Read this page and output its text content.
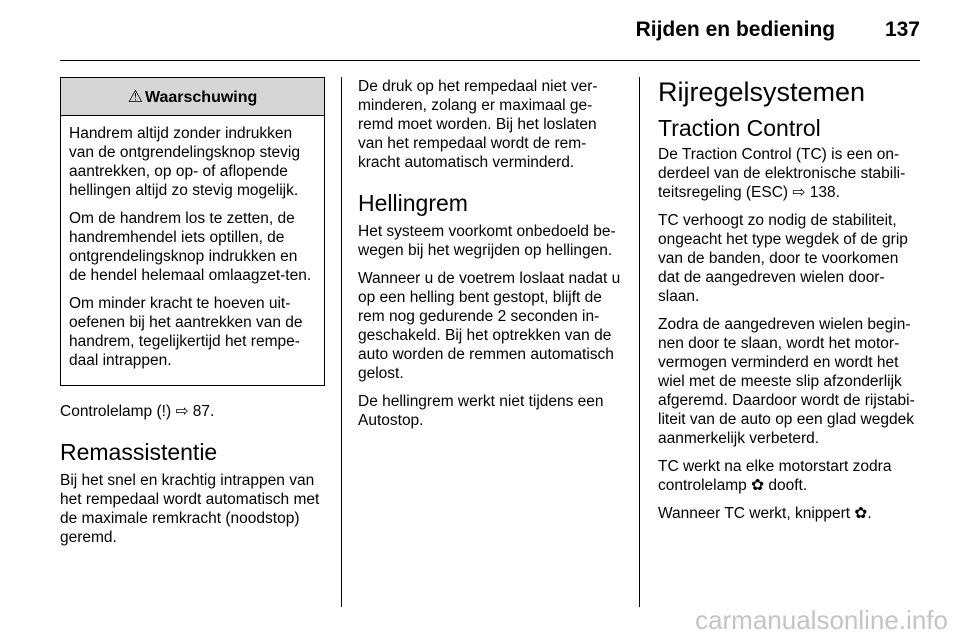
Rijden en bediening 137
⚠ Waarschuwing

Handrem altijd zonder indrukken van de ontgrendelingsknop stevig aantrekken, op op- of aflopende hellingen altijd zo stevig mogelijk.

Om de handrem los te zetten, de handremhendel iets optillen, de ontgrendelingsknop indrukken en de hendel helemaal omlaagzet-ten.

Om minder kracht te hoeven uit-oefenen bij het aantrekken van de handrem, tegelijkertijd het rempe-daal intrappen.

Controlelamp (!) ⇨ 87.

Remassistentie

Bij het snel en krachtig intrappen van het rempedaal wordt automatisch met de maximale remkracht (noodstop) geremd.

De druk op het rempedaal niet ver-minderen, zolang er maximaal ge-remd moet worden. Bij het loslaten van het rempedaal wordt de rem-kracht automatisch verminderd.

Hellingrem

Het systeem voorkomt onbedoeld be-wegen bij het wegrijden op hellingen.

Wanneer u de voetrem loslaat nadat u op een helling bent gestopt, blijft de rem nog gedurende 2 seconden in-geschakeld. Bij het optrekken van de auto worden de remmen automatisch gelost.

De hellingrem werkt niet tijdens een Autostop.

Rijregelsystemen
Traction Control

De Traction Control (TC) is een on-derdeel van de elektronische stabili-teitsregeling (ESC) ⇨ 138.

TC verhoogt zo nodig de stabiliteit, ongeacht het type wegdek of de grip van de banden, door te voorkomen dat de aangedreven wielen door-slaan.

Zodra de aangedreven wielen begin-nen door te slaan, wordt het motor-vermogen verminderd en wordt het wiel met de meeste slip afzonderlijk afgeremd. Daardoor wordt de rijstabi-liteit van de auto op een glad wegdek aanmerkelijk verbeterd.

TC werkt na elke motorstart zodra controlelamp ✿ dooft.

Wanneer TC werkt, knippert ✿.

carmanualsonline.info
